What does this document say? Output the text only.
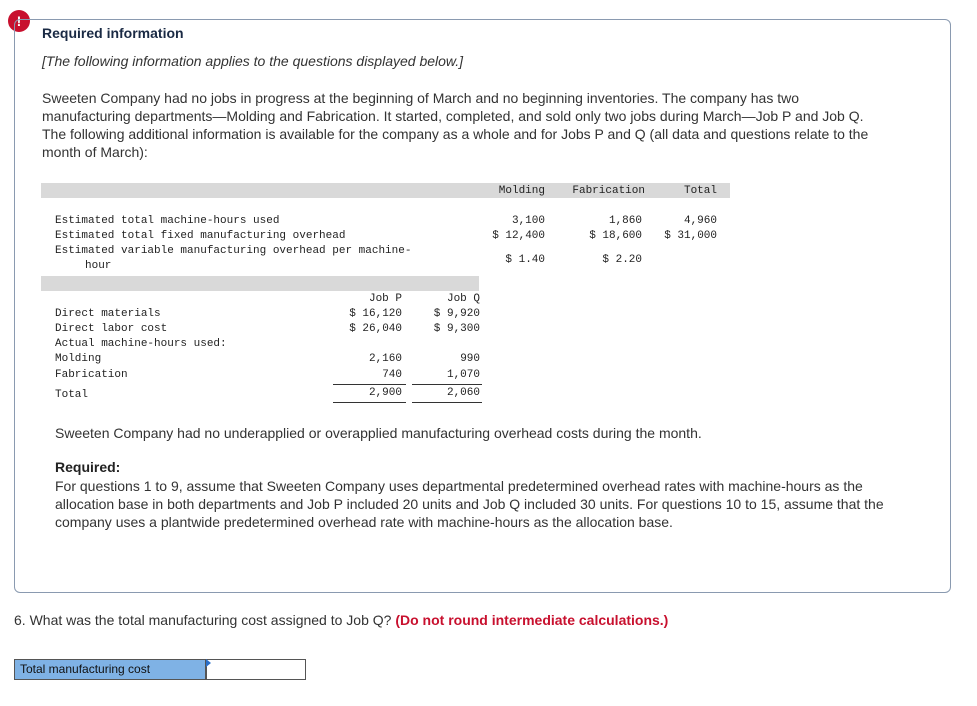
!
Required information
[The following information applies to the questions displayed below.]
Sweeten Company had no jobs in progress at the beginning of March and no beginning inventories. The company has two manufacturing departments—Molding and Fabrication. It started, completed, and sold only two jobs during March—Job P and Job Q. The following additional information is available for the company as a whole and for Jobs P and Q (all data and questions relate to the month of March):
Molding	Fabrication	Total
Estimated total machine-hours used	3,100	1,860	4,960
Estimated total fixed manufacturing overhead	$ 12,400	$ 18,600	$ 31,000
Estimated variable manufacturing overhead per machine-
hour	$ 1.40	$ 2.20
Job P	Job Q
Direct materials	$ 16,120	$ 9,920
Direct labor cost	$ 26,040	$ 9,300
Actual machine-hours used:
Molding	2,160	990
Fabrication	740	1,070
Total	2,900	2,060
Sweeten Company had no underapplied or overapplied manufacturing overhead costs during the month.
Required:
For questions 1 to 9, assume that Sweeten Company uses departmental predetermined overhead rates with machine-hours as the allocation base in both departments and Job P included 20 units and Job Q included 30 units. For questions 10 to 15, assume that the company uses a plantwide predetermined overhead rate with machine-hours as the allocation base.
6. What was the total manufacturing cost assigned to Job Q? (Do not round intermediate calculations.)
Total manufacturing cost
